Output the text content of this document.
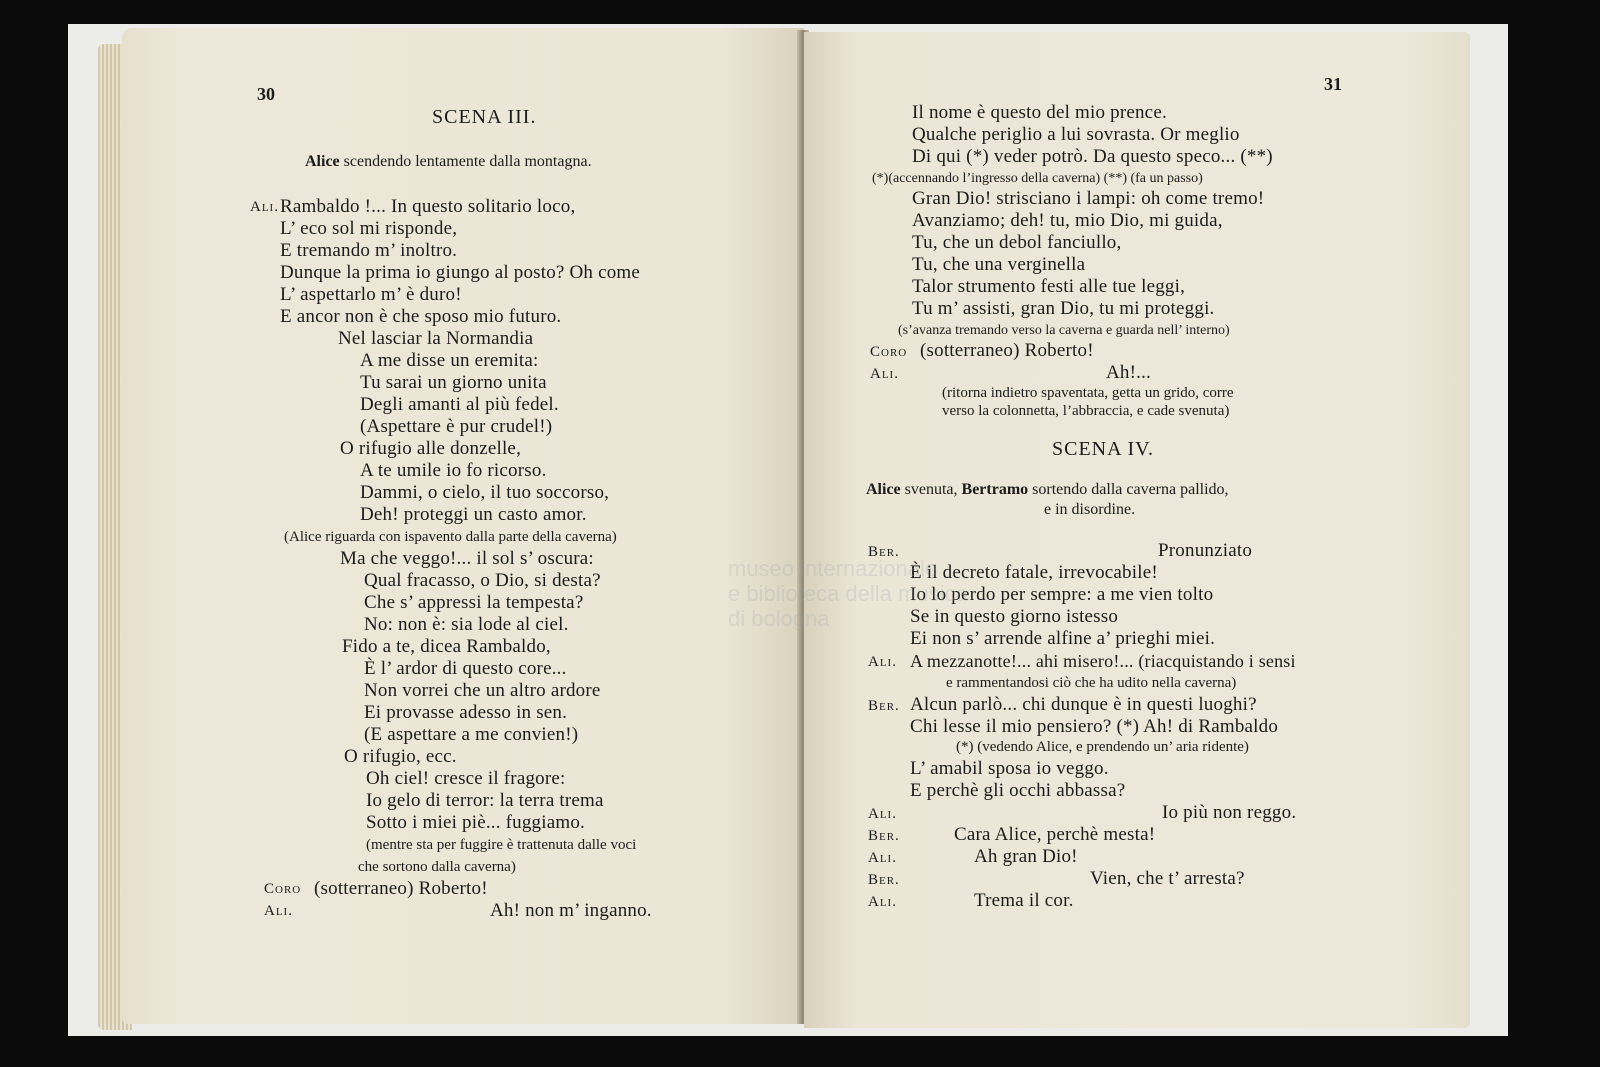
30
SCENA III.
Alice scendendo lentamente dalla montagna.
Ali. Rambaldo !... In questo solitario loco,
L’ eco sol mi risponde,
E tremando m’ inoltro.
Dunque la prima io giungo al posto? Oh come
L’ aspettarlo m’ è duro!
E ancor non è che sposo mio futuro.
Nel lasciar la Normandia
A me disse un eremita:
Tu sarai un giorno unita
Degli amanti al più fedel.
(Aspettare è pur crudel!)
O rifugio alle donzelle,
A te umile io fo ricorso.
Dammi, o cielo, il tuo soccorso,
Deh! proteggi un casto amor.
(Alice riguarda con ispavento dalla parte della caverna)
Ma che veggo!... il sol s’ oscura:
Qual fracasso, o Dio, si desta?
Che s’ appressi la tempesta?
No: non è: sia lode al ciel.
Fido a te, dicea Rambaldo,
È l’ ardor di questo core...
Non vorrei che un altro ardore
Ei provasse adesso in sen.
(E aspettare a me convien!)
O rifugio, ecc.
Oh ciel! cresce il fragore:
Io gelo di terror: la terra trema
Sotto i miei piè... fuggiamo.
(mentre sta per fuggire è trattenuta dalle voci
che sortono dalla caverna)
Coro (sotterraneo) Roberto!
Ali.	Ah! non m’ inganno.
31
Il nome è questo del mio prence.
Qualche periglio a lui sovrasta. Or meglio
Di qui (*) veder potrò. Da questo speco... (**)
(*)(accennando l’ingresso della caverna) (**) (fa un passo)
Gran Dio! strisciano i lampi: oh come tremo!
Avanziamo; deh! tu, mio Dio, mi guida,
Tu, che un debol fanciullo,
Tu, che una verginella
Talor strumento festi alle tue leggi,
Tu m’ assisti, gran Dio, tu mi proteggi.
(s’avanza tremando verso la caverna e guarda nell’ interno)
Coro (sotterraneo) Roberto!
Ali.	Ah!...
(ritorna indietro spaventata, getta un grido, corre
verso la colonnetta, l’abbraccia, e cade svenuta)
SCENA IV.
Alice svenuta, Bertramo sortendo dalla caverna pallido,
e in disordine.
Ber.	Pronunziato
È il decreto fatale, irrevocabile!
Io lo perdo per sempre: a me vien tolto
Se in questo giorno istesso
Ei non s’ arrende alfine a’ prieghi miei.
Ali. A mezzanotte!... ahi misero!... (riacquistando i sensi
e rammentandosi ciò che ha udito nella caverna)
Ber. Alcun parlò... chi dunque è in questi luoghi?
Chi lesse il mio pensiero? (*) Ah! di Rambaldo
(*) (vedendo Alice, e prendendo un’ aria ridente)
L’ amabil sposa io veggo.
E perchè gli occhi abbassa?
Ali.	Io più non reggo.
Ber.	Cara Alice, perchè mesta!
Ali.	Ah gran Dio!
Ber.	Vien, che t’ arresta?
Ali.	Trema il cor.
museo internazionale
e biblioteca della musica
di bologna
